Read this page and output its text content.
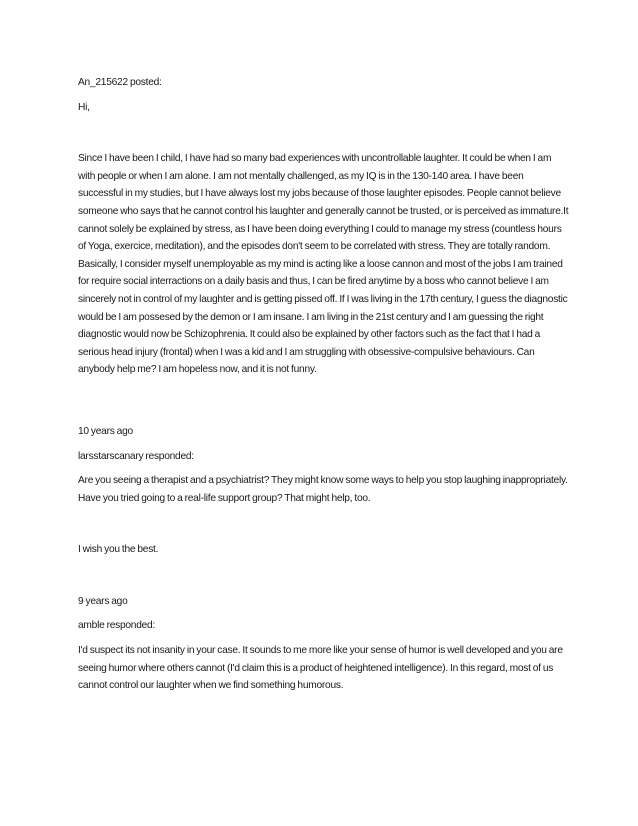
An_215622 posted:

Hi,

Since I have been I child, I have had so many bad experiences with uncontrollable laughter. It could be when I am with people or when I am alone. I am not mentally challenged, as my IQ is in the 130-140 area. I have been successful in my studies, but I have always lost my jobs because of those laughter episodes. People cannot believe someone who says that he cannot control his laughter and generally cannot be trusted, or is perceived as immature.It cannot solely be explained by stress, as I have been doing everything I could to manage my stress (countless hours of Yoga, exercice, meditation), and the episodes don't seem to be correlated with stress. They are totally random. Basically, I consider myself unemployable as my mind is acting like a loose cannon and most of the jobs I am trained for require social interractions on a daily basis and thus, I can be fired anytime by a boss who cannot believe I am sincerely not in control of my laughter and is getting pissed off. If I was living in the 17th century, I guess the diagnostic would be I am possesed by the demon or I am insane. I am living in the 21st century and I am guessing the right diagnostic would now be Schizophrenia. It could also be explained by other factors such as the fact that I had a serious head injury (frontal) when I was a kid and I am struggling with obsessive-compulsive behaviours. Can anybody help me? I am hopeless now, and it is not funny.

10 years ago

larsstarscanary responded:

Are you seeing a therapist and a psychiatrist? They might know some ways to help you stop laughing inappropriately. Have you tried going to a real-life support group? That might help, too.

I wish you the best.

9 years ago

amble responded:

I'd suspect its not insanity in your case. It sounds to me more like your sense of humor is well developed and you are seeing humor where others cannot (I'd claim this is a product of heightened intelligence). In this regard, most of us cannot control our laughter when we find something humorous.
